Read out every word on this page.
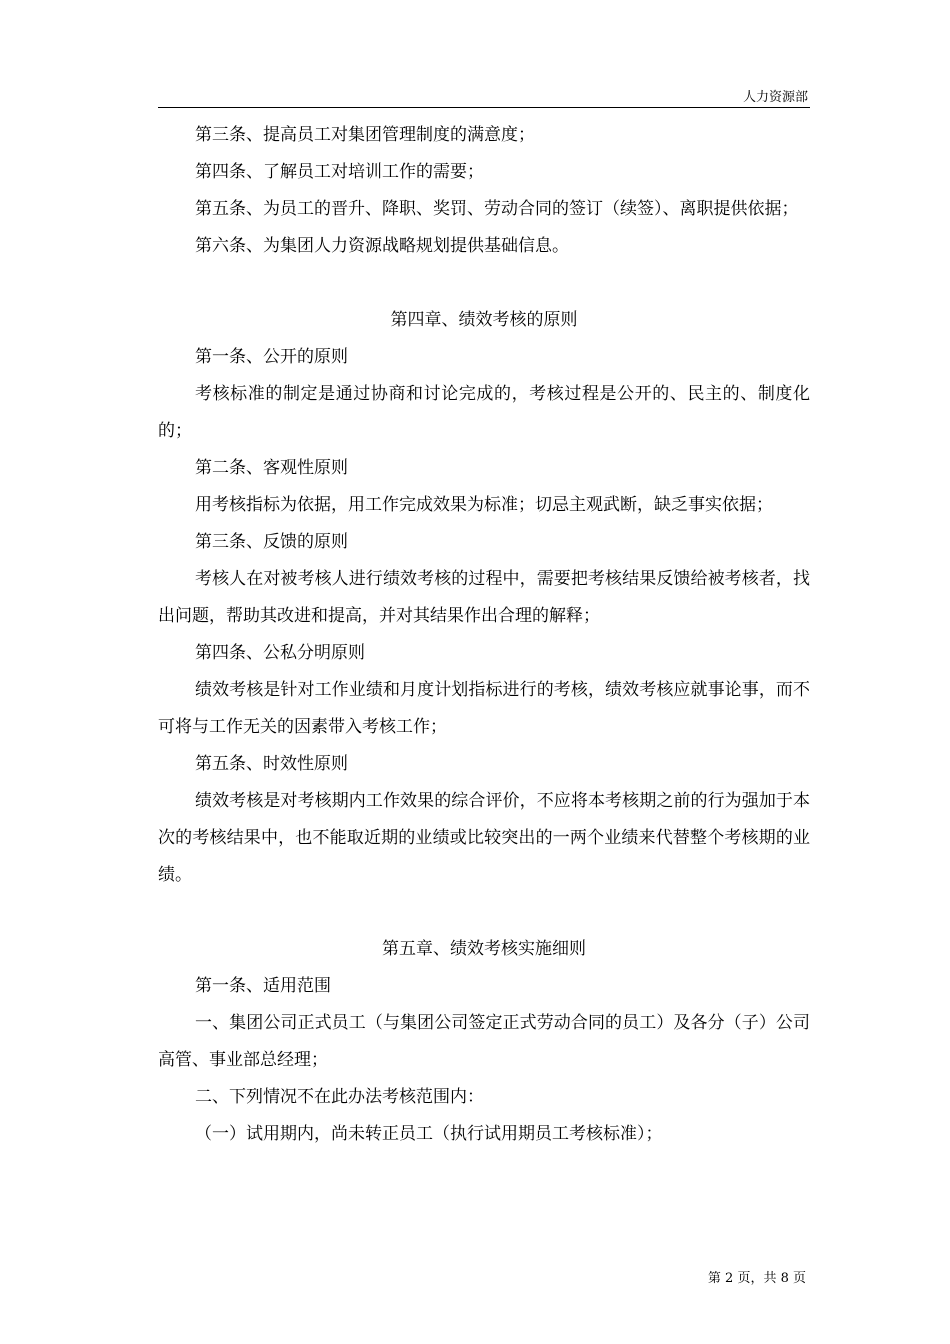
人力资源部

第三条、提高员工对集团管理制度的满意度；

第四条、了解员工对培训工作的需要；

第五条、为员工的晋升、降职、奖罚、劳动合同的签订（续签）、离职提供依据；

第六条、为集团人力资源战略规划提供基础信息。

第四章、绩效考核的原则

第一条、公开的原则

考核标准的制定是通过协商和讨论完成的，考核过程是公开的、民主的、制度化的；

第二条、客观性原则

用考核指标为依据，用工作完成效果为标准；切忌主观武断，缺乏事实依据；

第三条、反馈的原则

考核人在对被考核人进行绩效考核的过程中，需要把考核结果反馈给被考核者，找出问题，帮助其改进和提高，并对其结果作出合理的解释；

第四条、公私分明原则

绩效考核是针对工作业绩和月度计划指标进行的考核，绩效考核应就事论事，而不可将与工作无关的因素带入考核工作；

第五条、时效性原则

绩效考核是对考核期内工作效果的综合评价，不应将本考核期之前的行为强加于本次的考核结果中，也不能取近期的业绩或比较突出的一两个业绩来代替整个考核期的业绩。

第五章、绩效考核实施细则

第一条、适用范围

一、集团公司正式员工（与集团公司签定正式劳动合同的员工）及各分（子）公司高管、事业部总经理；

二、下列情况不在此办法考核范围内：

（一）试用期内，尚未转正员工（执行试用期员工考核标准）；

第 2 页，共 8 页
